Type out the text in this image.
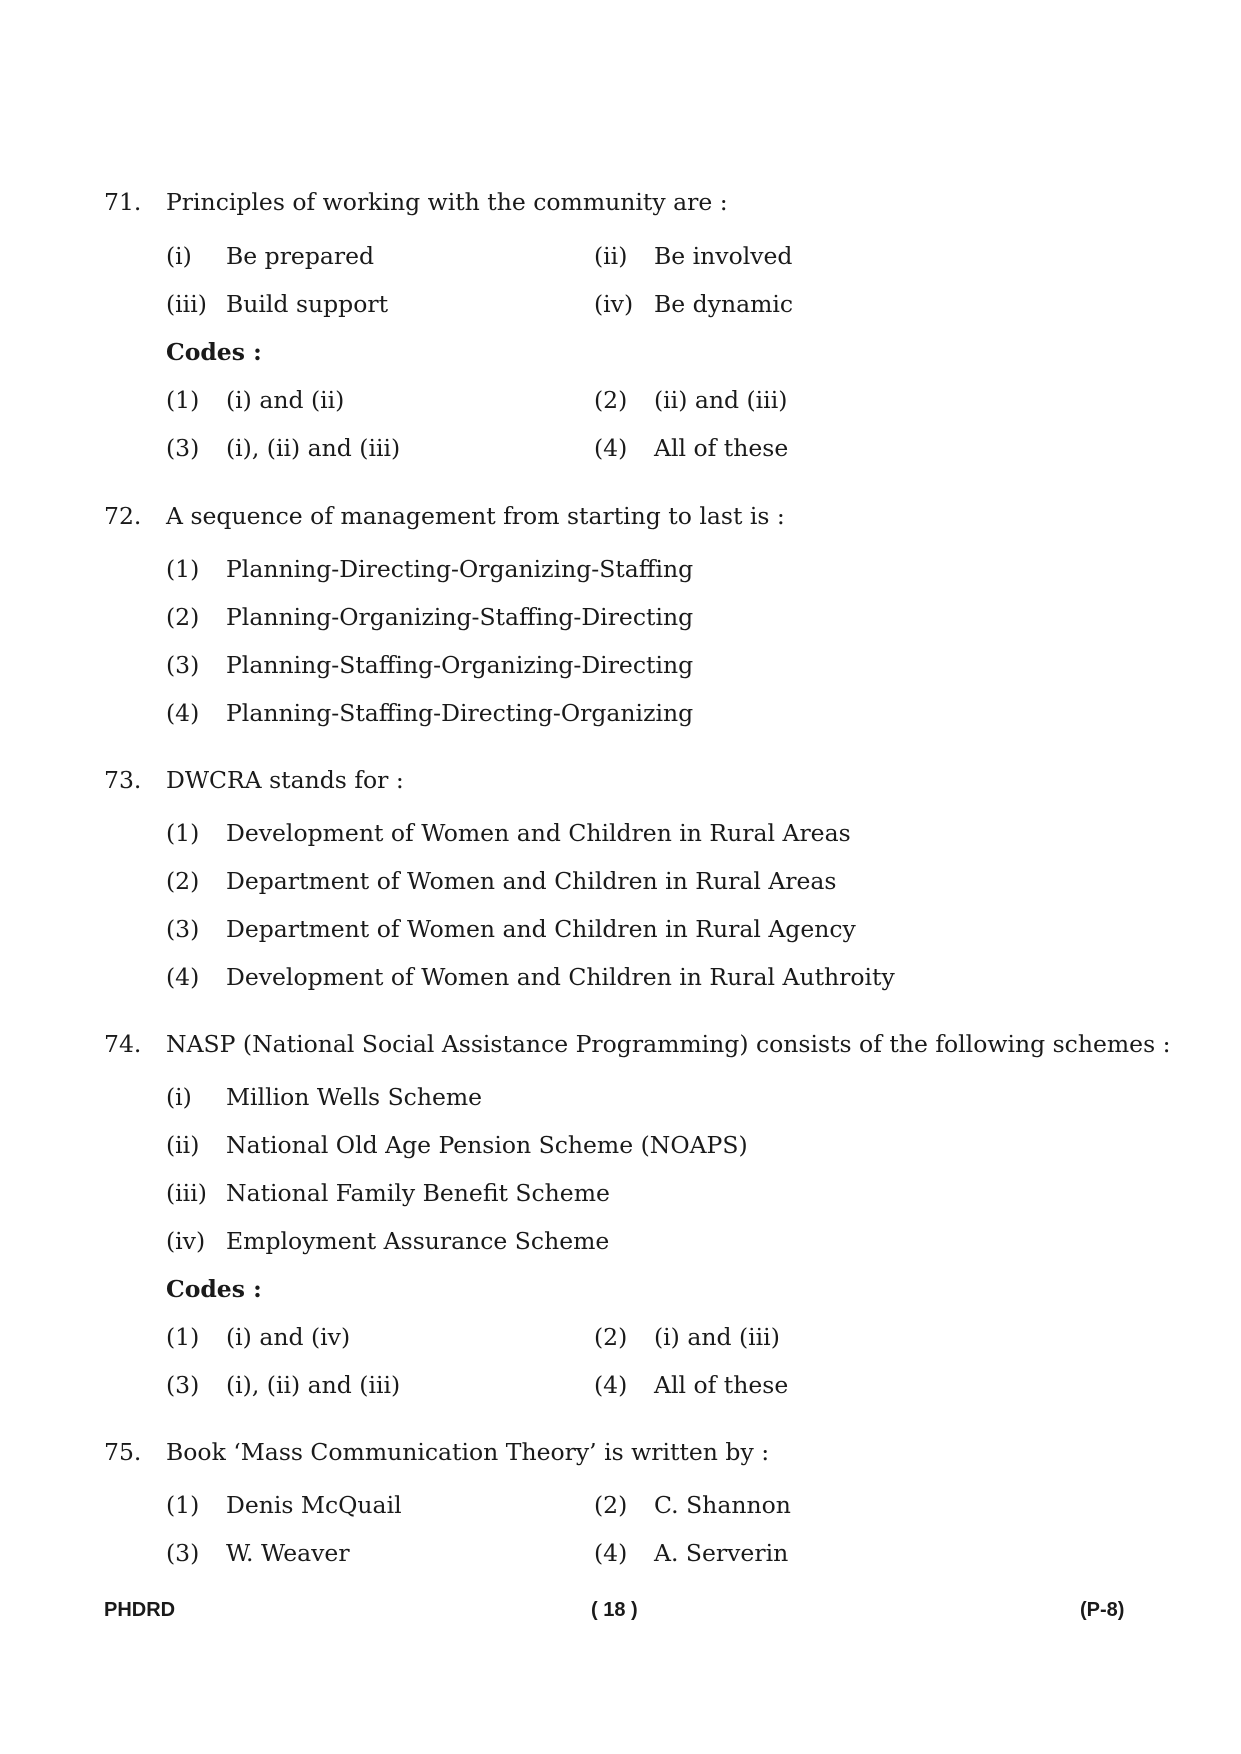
71. Principles of working with the community are :
(i) Be prepared	(ii) Be involved
(iii) Build support	(iv) Be dynamic
Codes :
(1) (i) and (ii)	(2) (ii) and (iii)
(3) (i), (ii) and (iii)	(4) All of these
72. A sequence of management from starting to last is :
(1) Planning-Directing-Organizing-Staffing
(2) Planning-Organizing-Staffing-Directing
(3) Planning-Staffing-Organizing-Directing
(4) Planning-Staffing-Directing-Organizing
73. DWCRA stands for :
(1) Development of Women and Children in Rural Areas
(2) Department of Women and Children in Rural Areas
(3) Department of Women and Children in Rural Agency
(4) Development of Women and Children in Rural Authroity
74. NASP (National Social Assistance Programming) consists of the following schemes :
(i) Million Wells Scheme
(ii) National Old Age Pension Scheme (NOAPS)
(iii) National Family Benefit Scheme
(iv) Employment Assurance Scheme
Codes :
(1) (i) and (iv)	(2) (i) and (iii)
(3) (i), (ii) and (iii)	(4) All of these
75. Book ‘Mass Communication Theory’ is written by :
(1) Denis McQuail	(2) C. Shannon
(3) W. Weaver	(4) A. Serverin
PHDRD	( 18 )	(P-8)
